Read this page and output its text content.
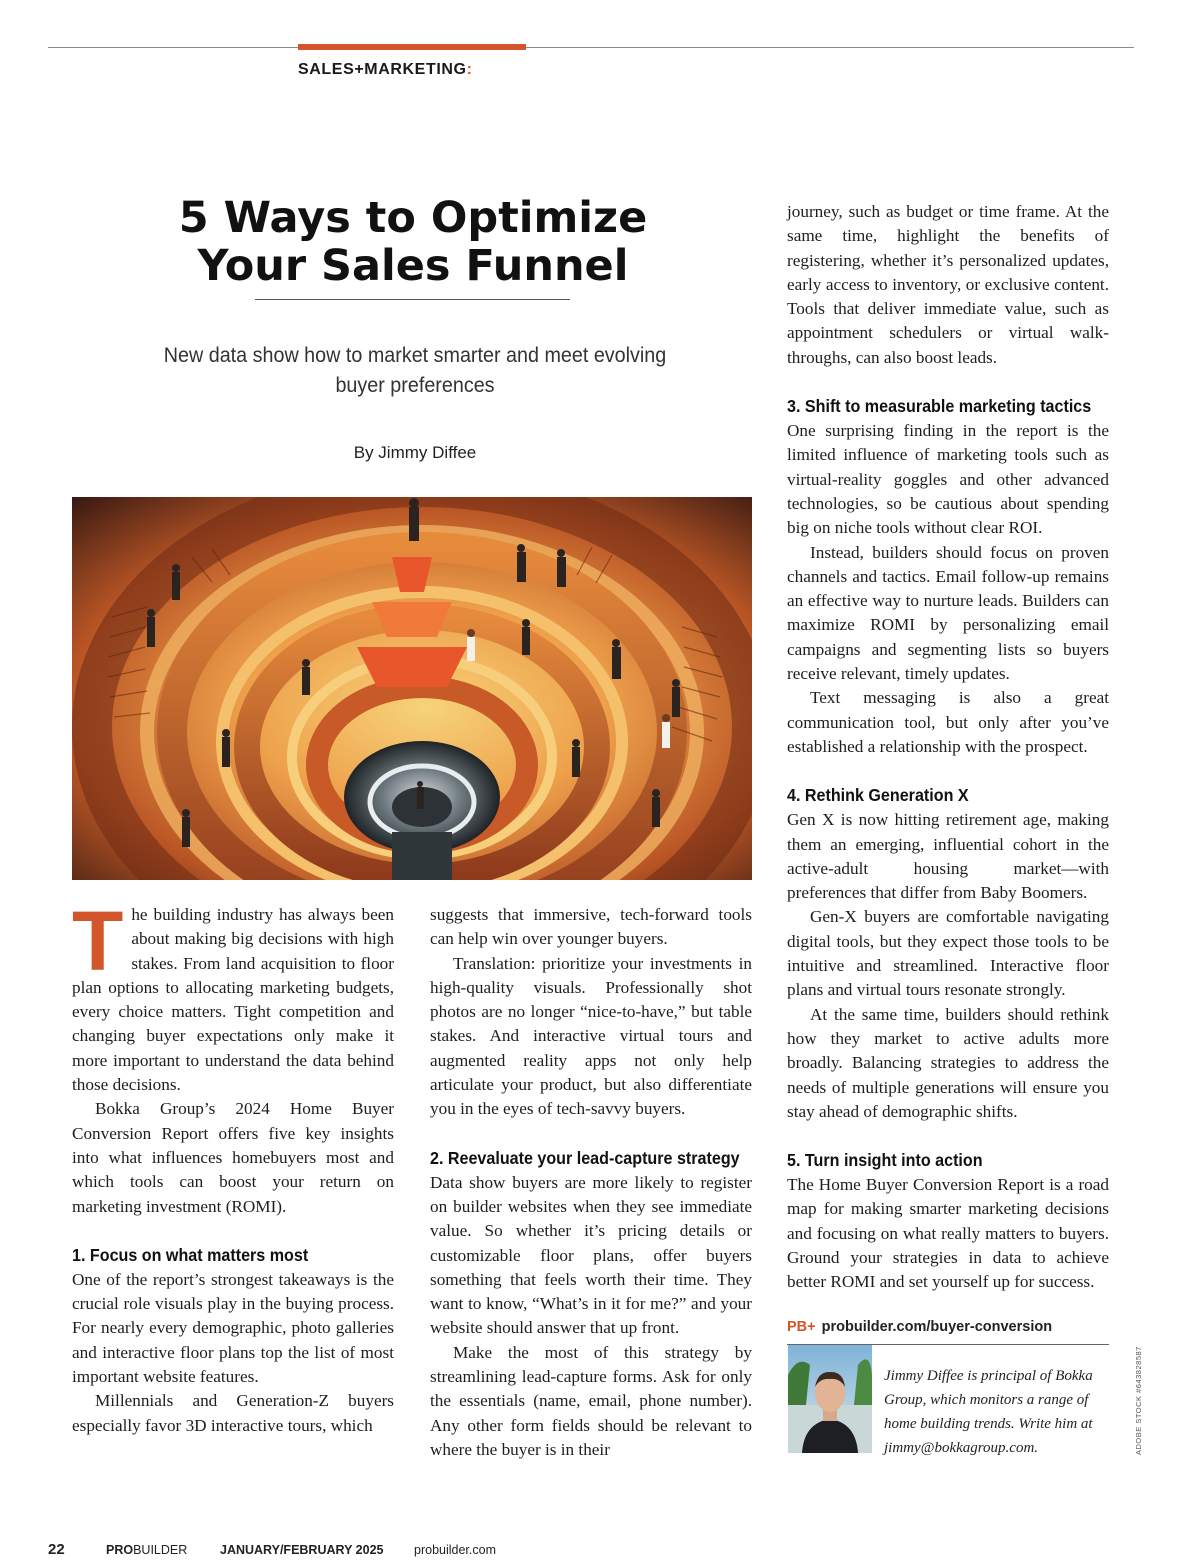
SALES+MARKETING:
5 Ways to Optimize
Your Sales Funnel
New data show how to market smarter and meet evolving
buyer preferences
By Jimmy Diffee

The building industry has always been about making big decisions with high stakes. From land acquisition to floor plan options to allocating marketing budgets, every choice matters. Tight competition and changing buyer expectations only make it more important to understand the data behind those decisions.

Bokka Group’s 2024 Home Buyer Conversion Report offers five key insights into what influences homebuyers most and which tools can boost your return on marketing investment (ROMI).

1. Focus on what matters most

One of the report’s strongest takeaways is the crucial role visuals play in the buying process. For nearly every demographic, photo galleries and interactive floor plans top the list of most important website features.

Millennials and Generation-Z buyers especially favor 3D interactive tours, which

suggests that immersive, tech-forward tools can help win over younger buyers.

Translation: prioritize your investments in high-quality visuals. Professionally shot photos are no longer “nice-to-have,” but table stakes. And interactive virtual tours and augmented reality apps not only help articulate your product, but also differentiate you in the eyes of tech-savvy buyers.

2. Reevaluate your lead-capture strategy

Data show buyers are more likely to register on builder websites when they see immediate value. So whether it’s pricing details or customizable floor plans, offer buyers something that feels worth their time. They want to know, “What’s in it for me?” and your website should answer that up front.

Make the most of this strategy by streamlining lead-capture forms. Ask for only the essentials (name, email, phone number). Any other form fields should be relevant to where the buyer is in their

journey, such as budget or time frame. At the same time, highlight the benefits of registering, whether it’s personalized updates, early access to inventory, or exclusive content. Tools that deliver immediate value, such as appointment schedulers or virtual walk-throughs, can also boost leads.

3. Shift to measurable marketing tactics

One surprising finding in the report is the limited influence of marketing tools such as virtual-reality goggles and other advanced technologies, so be cautious about spending big on niche tools without clear ROI.

Instead, builders should focus on proven channels and tactics. Email follow-up remains an effective way to nurture leads. Builders can maximize ROMI by personalizing email campaigns and segmenting lists so buyers receive relevant, timely updates.

Text messaging is also a great communication tool, but only after you’ve established a relationship with the prospect.

4. Rethink Generation X

Gen X is now hitting retirement age, making them an emerging, influential cohort in the active-adult housing market—with preferences that differ from Baby Boomers.

Gen-X buyers are comfortable navigating digital tools, but they expect those tools to be intuitive and streamlined. Interactive floor plans and virtual tours resonate strongly.

At the same time, builders should rethink how they market to active adults more broadly. Balancing strategies to address the needs of multiple generations will ensure you stay ahead of demographic shifts.

5. Turn insight into action

The Home Buyer Conversion Report is a road map for making smarter marketing decisions and focusing on what really matters to buyers. Ground your strategies in data to achieve better ROMI and set yourself up for success.

PB+ probuilder.com/buyer-conversion
Jimmy Diffee is principal of Bokka Group, which monitors a range of home building trends. Write him at jimmy@bokkagroup.com.	ADOBE STOCK #643828587
22	PROBUILDER	JANUARY/FEBRUARY 2025 probuilder.com
